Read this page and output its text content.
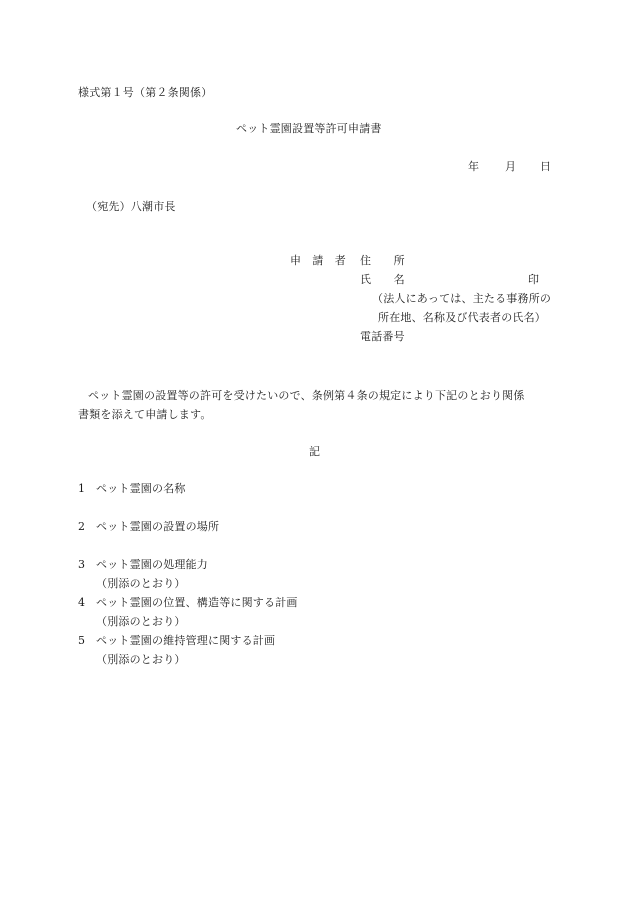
様式第１号（第２条関係）
ペット霊園設置等許可申請書
年 月 日
（宛先）八潮市長
申　請　者 住　　所
氏　　名	印
（法人にあっては、主たる事務所の
所在地、名称及び代表者の氏名）
電話番号
ペット霊園の設置等の許可を受けたいので、条例第４条の規定により下記のとおり関係
書類を添えて申請します。
記
1 ペット霊園の名称
2 ペット霊園の設置の場所
3 ペット霊園の処理能力
（別添のとおり）
4 ペット霊園の位置、構造等に関する計画
（別添のとおり）
5 ペット霊園の維持管理に関する計画
（別添のとおり）
